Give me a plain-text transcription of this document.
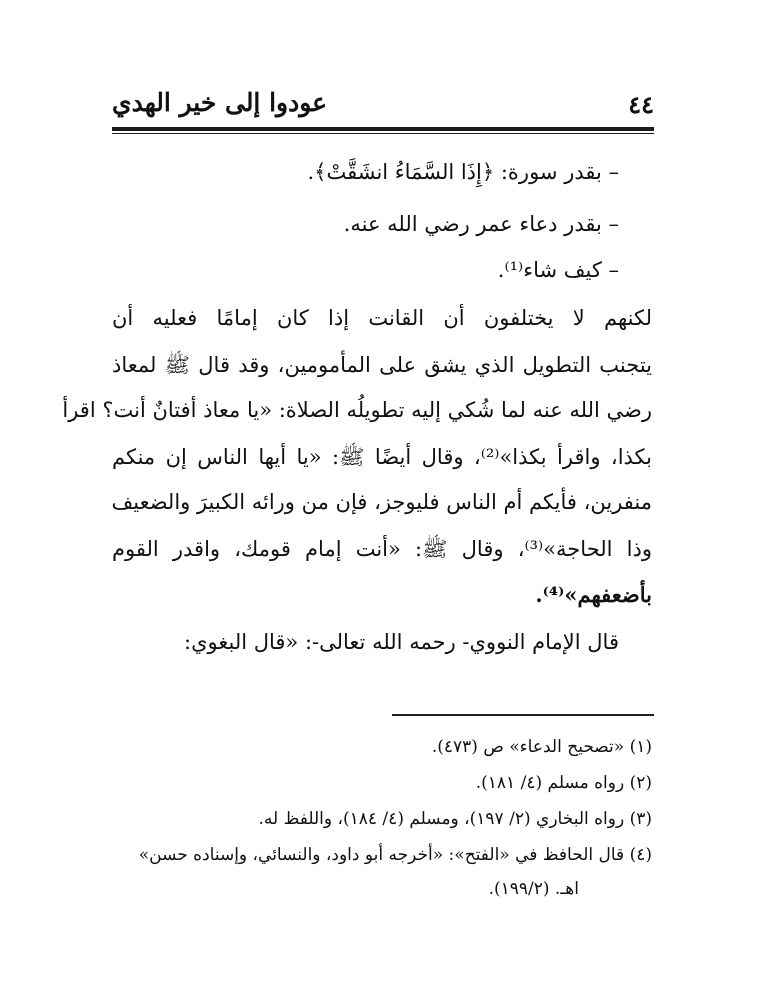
٤٤
عودوا إلى خير الهدي
– بقدر سورة: ﴿إِذَا السَّمَاءُ انشَقَّتْ﴾.
– بقدر دعاء عمر رضي الله عنه.
– كيف شاء⁽¹⁾.
لكنهم لا يختلفون أن القانت إذا كان إمامًا فعليه أن
يتجنب التطويل الذي يشق على المأمومين، وقد قال ﷺ لمعاذ
رضي الله عنه لما شُكي إليه تطويلُه الصلاة: «يا معاذ أفتانٌ أنت؟ اقرأ
بكذا، واقرأ بكذا»⁽²⁾، وقال أيضًا ﷺ: «يا أيها الناس إن منكم
منفرين، فأيكم أم الناس فليوجز، فإن من ورائه الكبيرَ والضعيف
وذا الحاجة»⁽³⁾، وقال ﷺ: «أنت إمام قومك، واقدر القوم
بأضعفهم»⁽⁴⁾.
قال الإمام النووي- رحمه الله تعالى-: «قال البغوي:
(١) «تصحيح الدعاء» ص (٤٧٣).
(٢) رواه مسلم (٤/ ١٨١).
(٣) رواه البخاري (٢/ ١٩٧)، ومسلم (٤/ ١٨٤)، واللفظ له.
(٤) قال الحافظ في «الفتح»: «أخرجه أبو داود، والنسائي، وإسناده حسن»
اهـ. (١٩٩/٢).
